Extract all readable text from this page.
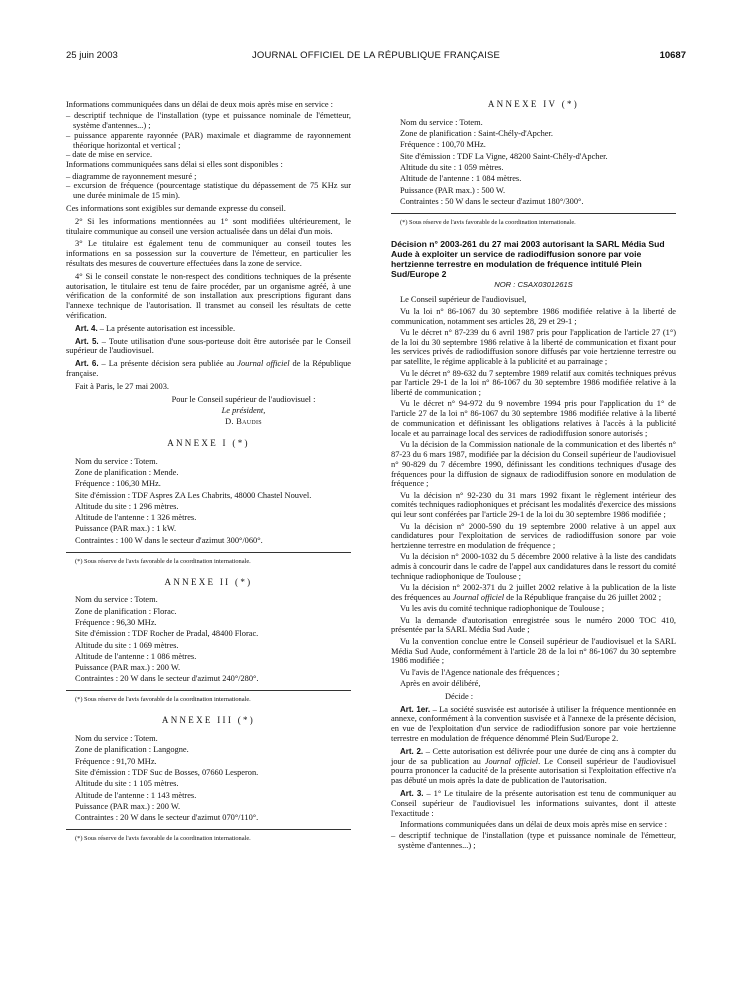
25 juin 2003	JOURNAL OFFICIEL DE LA RÉPUBLIQUE FRANÇAISE	10687

Informations communiquées dans un délai de deux mois après mise en service :

– descriptif technique de l'installation (type et puissance nominale de l'émetteur, système d'antennes...) ;

– puissance apparente rayonnée (PAR) maximale et diagramme de rayonnement théorique horizontal et vertical ;

– date de mise en service.

Informations communiquées sans délai si elles sont disponibles :

– diagramme de rayonnement mesuré ;

– excursion de fréquence (pourcentage statistique du dépassement de 75 KHz sur une durée minimale de 15 min).

Ces informations sont exigibles sur demande expresse du conseil.

2° Si les informations mentionnées au 1° sont modifiées ultérieurement, le titulaire communique au conseil une version actualisée dans un délai d'un mois.

3° Le titulaire est également tenu de communiquer au conseil toutes les informations en sa possession sur la couverture de l'émetteur, en particulier les résultats des mesures de couverture effectuées dans la zone de service.

4° Si le conseil constate le non-respect des conditions techniques de la présente autorisation, le titulaire est tenu de faire procéder, par un organisme agréé, à une vérification de la conformité de son installation aux prescriptions figurant dans l'annexe technique de l'autorisation. Il transmet au conseil les résultats de cette vérification.

Art. 4. – La présente autorisation est incessible.

Art. 5. – Toute utilisation d'une sous-porteuse doit être autorisée par le Conseil supérieur de l'audiovisuel.

Art. 6. – La présente décision sera publiée au Journal officiel de la République française.

Fait à Paris, le 27 mai 2003.

Pour le Conseil supérieur de l'audiovisuel :

Le président,

D. Baudis

ANNEXE I (*)

Nom du service : Totem.

Zone de planification : Mende.

Fréquence : 106,30 MHz.

Site d'émission : TDF Aspres ZA Les Chabrits, 48000 Chastel Nouvel.

Altitude du site : 1 296 mètres.

Altitude de l'antenne : 1 326 mètres.

Puissance (PAR max.) : 1 kW.

Contraintes : 100 W dans le secteur d'azimut 300°/060°.

(*) Sous réserve de l'avis favorable de la coordination internationale.
ANNEXE II (*)

Nom du service : Totem.

Zone de planification : Florac.

Fréquence : 96,30 MHz.

Site d'émission : TDF Rocher de Pradal, 48400 Florac.

Altitude du site : 1 069 mètres.

Altitude de l'antenne : 1 086 mètres.

Puissance (PAR max.) : 200 W.

Contraintes : 20 W dans le secteur d'azimut 240°/280°.

(*) Sous réserve de l'avis favorable de la coordination internationale.
ANNEXE III (*)

Nom du service : Totem.

Zone de planification : Langogne.

Fréquence : 91,70 MHz.

Site d'émission : TDF Suc de Bosses, 07660 Lesperon.

Altitude du site : 1 105 mètres.

Altitude de l'antenne : 1 143 mètres.

Puissance (PAR max.) : 200 W.

Contraintes : 20 W dans le secteur d'azimut 070°/110°.

(*) Sous réserve de l'avis favorable de la coordination internationale.
ANNEXE IV (*)

Nom du service : Totem.

Zone de planification : Saint-Chély-d'Apcher.

Fréquence : 100,70 MHz.

Site d'émission : TDF La Vigne, 48200 Saint-Chély-d'Apcher.

Altitude du site : 1 059 mètres.

Altitude de l'antenne : 1 084 mètres.

Puissance (PAR max.) : 500 W.

Contraintes : 50 W dans le secteur d'azimut 180°/300°.

(*) Sous réserve de l'avis favorable de la coordination internationale.
Décision n° 2003-261 du 27 mai 2003 autorisant la SARL Média Sud Aude à exploiter un service de radiodiffusion sonore par voie hertzienne terrestre en modulation de fréquence intitulé Plein Sud/Europe 2
NOR : CSAX0301261S

Le Conseil supérieur de l'audiovisuel,

Vu la loi n° 86-1067 du 30 septembre 1986 modifiée relative à la liberté de communication, notamment ses articles 28, 29 et 29-1 ;

Vu le décret n° 87-239 du 6 avril 1987 pris pour l'application de l'article 27 (1°) de la loi du 30 septembre 1986 relative à la liberté de communication et fixant pour les services privés de radiodiffusion sonore diffusés par voie hertzienne terrestre ou par satellite, le régime applicable à la publicité et au parrainage ;

Vu le décret n° 89-632 du 7 septembre 1989 relatif aux comités techniques prévus par l'article 29-1 de la loi n° 86-1067 du 30 septembre 1986 modifiée relative à la liberté de communication ;

Vu le décret n° 94-972 du 9 novembre 1994 pris pour l'application du 1° de l'article 27 de la loi n° 86-1067 du 30 septembre 1986 modifiée relative à la liberté de communication et définissant les obligations relatives à l'accès à la publicité locale et au parrainage local des services de radiodiffusion sonore autorisés ;

Vu la décision de la Commission nationale de la communication et des libertés n° 87-23 du 6 mars 1987, modifiée par la décision du Conseil supérieur de l'audiovisuel n° 90-829 du 7 décembre 1990, définissant les conditions techniques d'usage des fréquences pour la diffusion de signaux de radiodiffusion sonore en modulation de fréquence ;

Vu la décision n° 92-230 du 31 mars 1992 fixant le règlement intérieur des comités techniques radiophoniques et précisant les modalités d'exercice des missions qui leur sont conférées par l'article 29-1 de la loi du 30 septembre 1986 modifiée ;

Vu la décision n° 2000-590 du 19 septembre 2000 relative à un appel aux candidatures pour l'exploitation de services de radiodiffusion sonore par voie hertzienne terrestre en modulation de fréquence ;

Vu la décision n° 2000-1032 du 5 décembre 2000 relative à la liste des candidats admis à concourir dans le cadre de l'appel aux candidatures dans le ressort du comité technique radiophonique de Toulouse ;

Vu la décision n° 2002-371 du 2 juillet 2002 relative à la publication de la liste des fréquences au Journal officiel de la République française du 26 juillet 2002 ;

Vu les avis du comité technique radiophonique de Toulouse ;

Vu la demande d'autorisation enregistrée sous le numéro 2000 TOC 410, présentée par la SARL Média Sud Aude ;

Vu la convention conclue entre le Conseil supérieur de l'audiovisuel et la SARL Média Sud Aude, conformément à l'article 28 de la loi n° 86-1067 du 30 septembre 1986 modifiée ;

Vu l'avis de l'Agence nationale des fréquences ;

Après en avoir délibéré,

Décide :

Art. 1er. – La société susvisée est autorisée à utiliser la fréquence mentionnée en annexe, conformément à la convention susvisée et à l'annexe de la présente décision, en vue de l'exploitation d'un service de radiodiffusion sonore par voie hertzienne terrestre en modulation de fréquence dénommé Plein Sud/Europe 2.

Art. 2. – Cette autorisation est délivrée pour une durée de cinq ans à compter du jour de sa publication au Journal officiel. Le Conseil supérieur de l'audiovisuel pourra prononcer la caducité de la présente autorisation si l'exploitation effective n'a pas débuté un mois après la date de publication de l'autorisation.

Art. 3. – 1° Le titulaire de la présente autorisation est tenu de communiquer au Conseil supérieur de l'audiovisuel les informations suivantes, dont il atteste l'exactitude :

Informations communiquées dans un délai de deux mois après mise en service :

– descriptif technique de l'installation (type et puissance nominale de l'émetteur, système d'antennes...) ;
